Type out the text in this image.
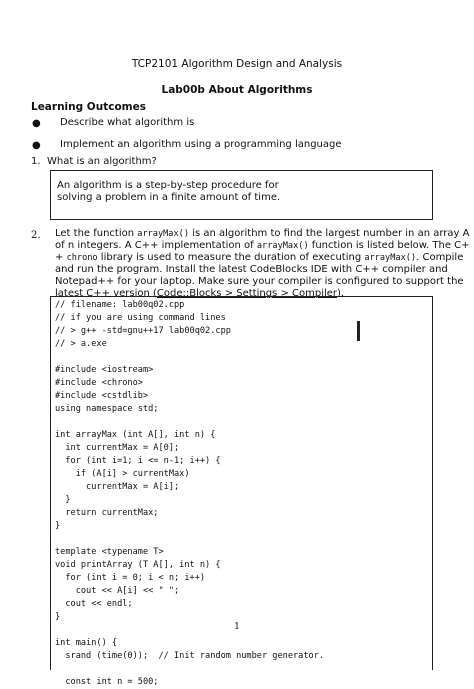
TCP2101 Algorithm Design and Analysis
Lab00b About Algorithms
Learning Outcomes
● Describe what algorithm is
● Implement an algorithm using a programming language
1. What is an algorithm?
An algorithm is a step-by-step procedure for
solving a problem in a finite amount of time.
2. Let the function arrayMax() is an algorithm to find the largest number in an array A
of n integers. A C++ implementation of arrayMax() function is listed below. The C+
+ chrono library is used to measure the duration of executing arrayMax(). Compile
and run the program. Install the latest CodeBlocks IDE with C++ compiler and
Notepad++ for your laptop. Make sure your compiler is configured to support the
latest C++ version (Code::Blocks > Settings > Compiler).
// filename: lab00q02.cpp
// if you are using command lines
// > g++ -std=gnu++17 lab00q02.cpp
// > a.exe
#include <iostream>
#include <chrono>
#include <cstdlib>
using namespace std;
int arrayMax (int A[], int n) {
int currentMax = A[0];
for (int i=1; i <= n-1; i++) {
if (A[i] > currentMax)
currentMax = A[i];
}
return currentMax;
}
template <typename T>
void printArray (T A[], int n) {
for (int i = 0; i < n; i++)
cout << A[i] << " ";
cout << endl;
}
int main() {
srand (time(0));  // Init random number generator.
const int n = 500;
1
